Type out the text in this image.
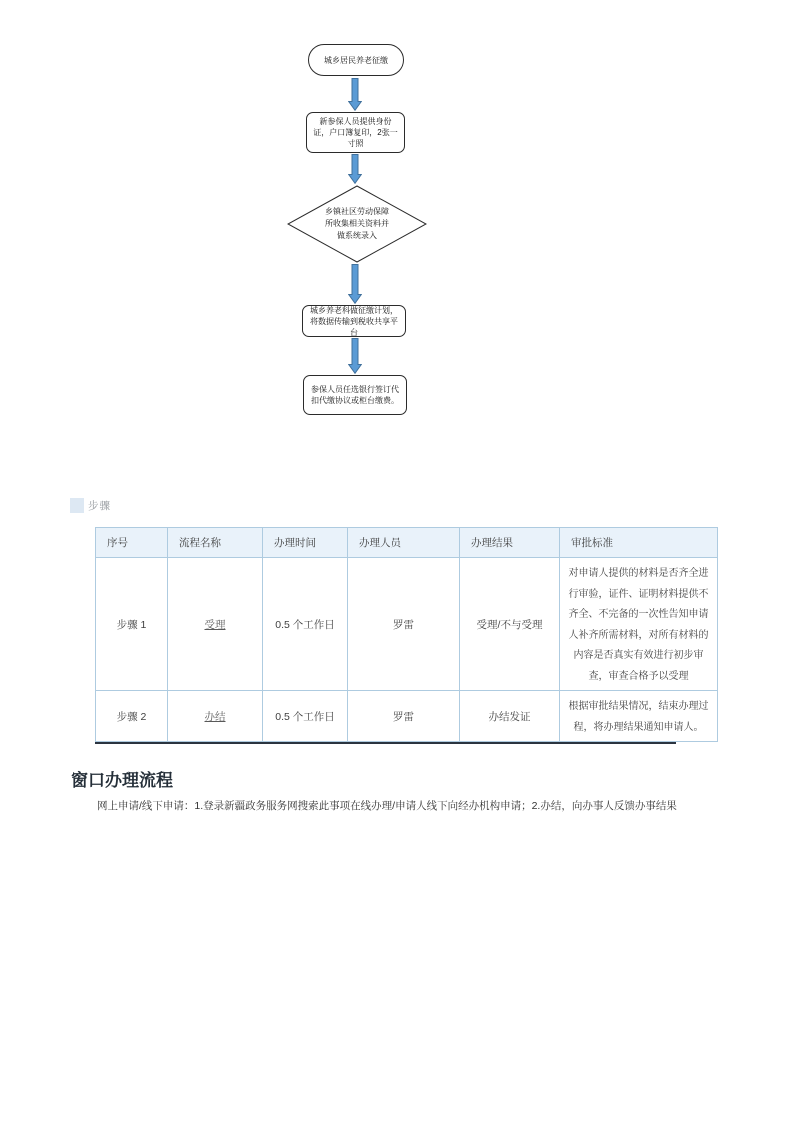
城乡居民养老征缴
新参保人员提供身份证，户口簿复印，2张一寸照
乡镇社区劳动保障所收集相关资料并做系统录入
城乡养老科做征缴计划，将数据传输到税收共享平台
参保人员任选银行签订代扣代缴协议或柜台缴费。
步骤
序号	流程名称	办理时间	办理人员	办理结果	审批标准
步骤 1	受理	0.5 个工作日	罗雷	受理/不与受理	对申请人提供的材料是否齐全进行审验，证件、证明材料提供不齐全、不完备的一次性告知申请人补齐所需材料，对所有材料的内容是否真实有效进行初步审查，审查合格予以受理
步骤 2	办结	0.5 个工作日	罗雷	办结发证	根据审批结果情况，结束办理过程，将办理结果通知申请人。
窗口办理流程

网上申请/线下申请：1.登录新疆政务服务网搜索此事项在线办理/申请人线下向经办机构申请；2.办结，向办事人反馈办事结果
